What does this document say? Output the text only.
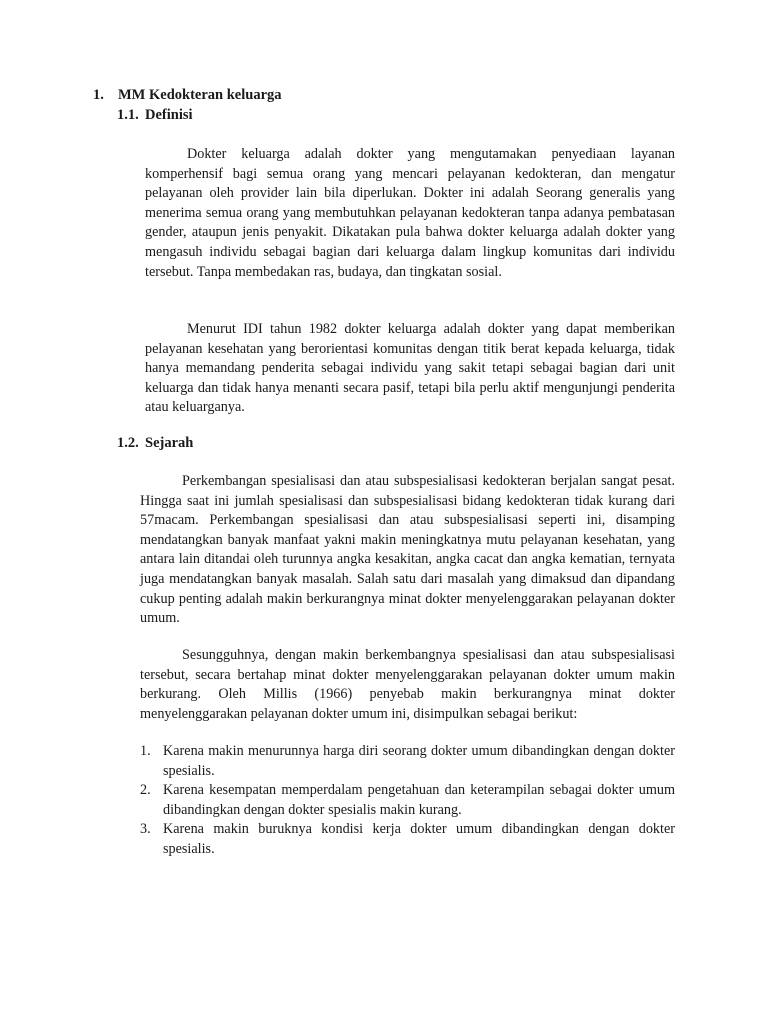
1. MM Kedokteran keluarga
1.1. Definisi

Dokter keluarga adalah dokter yang mengutamakan penyediaan layanan komperhensif bagi semua orang yang mencari pelayanan kedokteran, dan mengatur pelayanan oleh provider lain bila diperlukan. Dokter ini adalah Seorang generalis yang menerima semua orang yang membutuhkan pelayanan kedokteran tanpa adanya pembatasan gender, ataupun jenis penyakit. Dikatakan pula bahwa dokter keluarga adalah dokter yang mengasuh individu sebagai bagian dari keluarga dalam lingkup komunitas dari individu tersebut. Tanpa membedakan ras, budaya, dan tingkatan sosial.

Menurut IDI tahun 1982 dokter keluarga adalah dokter yang dapat memberikan pelayanan kesehatan yang berorientasi komunitas dengan titik berat kepada keluarga, tidak hanya memandang penderita sebagai individu yang sakit tetapi sebagai bagian dari unit keluarga dan tidak hanya menanti secara pasif, tetapi bila perlu aktif mengunjungi penderita atau keluarganya.

1.2. Sejarah

Perkembangan spesialisasi dan atau subspesialisasi kedokteran berjalan sangat pesat. Hingga saat ini jumlah spesialisasi dan subspesialisasi bidang kedokteran tidak kurang dari 57macam. Perkembangan spesialisasi dan atau subspesialisasi seperti ini, disamping mendatangkan banyak manfaat yakni makin meningkatnya mutu pelayanan kesehatan, yang antara lain ditandai oleh turunnya angka kesakitan, angka cacat dan angka kematian, ternyata juga mendatangkan banyak masalah. Salah satu dari masalah yang dimaksud dan dipandang cukup penting adalah makin berkurangnya minat dokter menyelenggarakan pelayanan dokter umum.

Sesungguhnya, dengan makin berkembangnya spesialisasi dan atau subspesialisasi tersebut, secara bertahap minat dokter menyelenggarakan pelayanan dokter umum makin berkurang. Oleh Millis (1966) penyebab makin berkurangnya minat dokter menyelenggarakan pelayanan dokter umum ini, disimpulkan sebagai berikut:

1. Karena makin menurunnya harga diri seorang dokter umum dibandingkan dengan dokter spesialis.
2. Karena kesempatan memperdalam pengetahuan dan keterampilan sebagai dokter umum dibandingkan dengan dokter spesialis makin kurang.
3. Karena makin buruknya kondisi kerja dokter umum dibandingkan dengan dokter spesialis.
